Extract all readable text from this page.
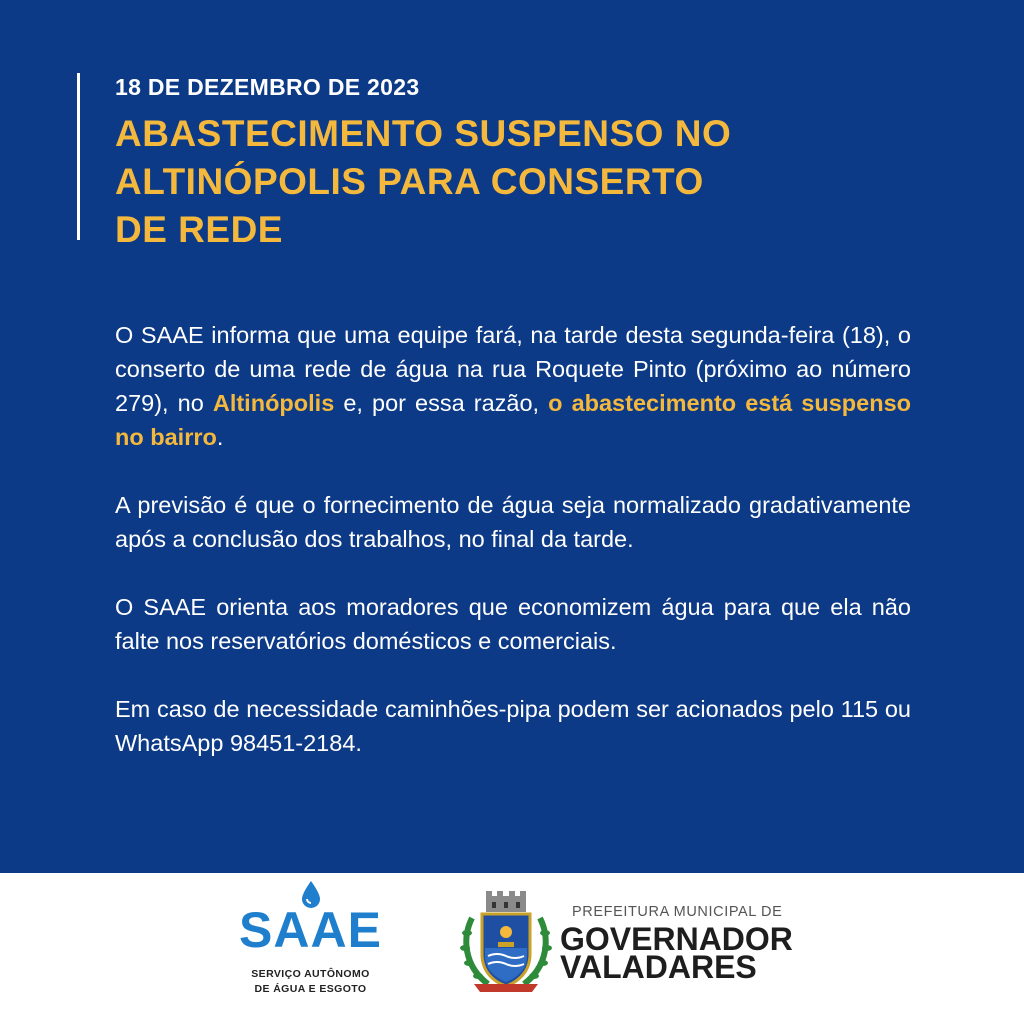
18 DE DEZEMBRO DE 2023
ABASTECIMENTO SUSPENSO NO
ALTINÓPOLIS PARA CONSERTO
DE REDE

O SAAE informa que uma equipe fará, na tarde desta segunda-feira (18), o conserto de uma rede de água na rua Roquete Pinto (próximo ao número 279), no Altinópolis e, por essa razão, o abastecimento está suspenso no bairro.

A previsão é que o fornecimento de água seja normalizado gradativamente após a conclusão dos trabalhos, no final da tarde.

O SAAE orienta aos moradores que economizem água para que ela não falte nos reservatórios domésticos e comerciais.

Em caso de necessidade caminhões-pipa podem ser acionados pelo 115 ou WhatsApp 98451-2184.

SAAE
SERVIÇO AUTÔNOMO
DE ÁGUA E ESGOTO
PREFEITURA MUNICIPAL DE
GOVERNADOR
VALADARES
